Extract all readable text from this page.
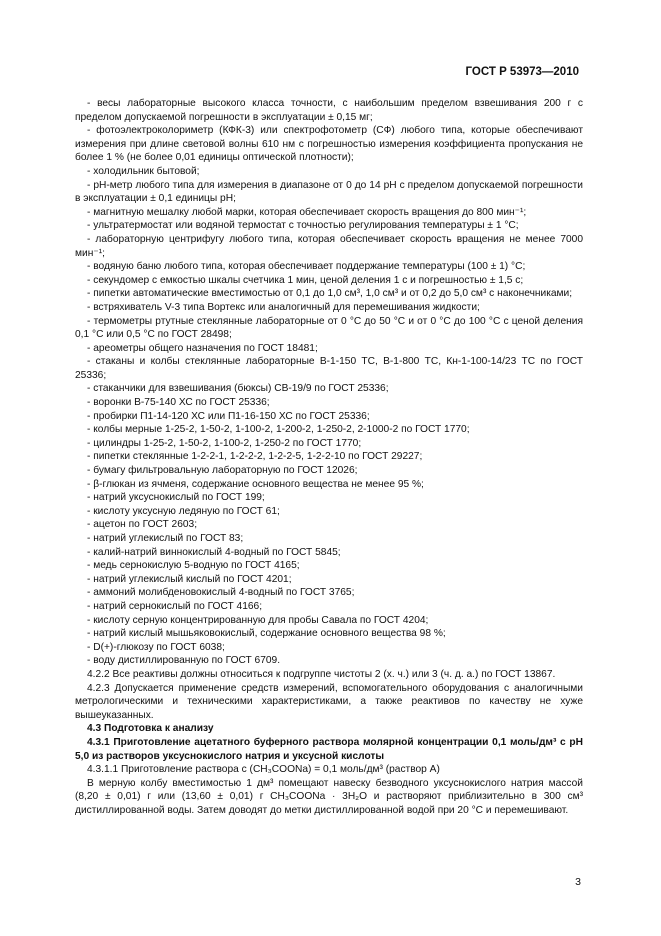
ГОСТ Р 53973—2010

- весы лабораторные высокого класса точности, с наибольшим пределом взвешивания 200 г с пределом допускаемой погрешности в эксплуатации ± 0,15 мг;

- фотоэлектроколориметр (КФК-3) или спектрофотометр (СФ) любого типа, которые обеспечивают измерения при длине световой волны 610 нм с погрешностью измерения коэффициента пропускания не более 1 % (не более 0,01 единицы оптической плотности);

- холодильник бытовой;

- рН-метр любого типа для измерения в диапазоне от 0 до 14 рН с пределом допускаемой погрешности в эксплуатации ± 0,1 единицы рН;

- магнитную мешалку любой марки, которая обеспечивает скорость вращения до 800 мин⁻¹;

- ультратермостат или водяной термостат с точностью регулирования температуры ± 1 °С;

- лабораторную центрифугу любого типа, которая обеспечивает скорость вращения не менее 7000 мин⁻¹;

- водяную баню любого типа, которая обеспечивает поддержание температуры (100 ± 1) °С;

- секундомер с емкостью шкалы счетчика 1 мин, ценой деления 1 с и погрешностью ± 1,5 с;

- пипетки автоматические вместимостью от 0,1 до 1,0 см³, 1,0 см³ и от 0,2 до 5,0 см³ с наконечниками;

- встряхиватель V-3 типа Вортекс или аналогичный для перемешивания жидкости;

- термометры ртутные стеклянные лабораторные от 0 °С до 50 °С и от 0 °С до 100 °С с ценой деления 0,1 °С или 0,5 °С по ГОСТ 28498;

- ареометры общего назначения по ГОСТ 18481;

- стаканы и колбы стеклянные лабораторные В-1-150 ТС, В-1-800 ТС, Кн-1-100-14/23 ТС по ГОСТ 25336;

- стаканчики для взвешивания (бюксы) СВ-19/9 по ГОСТ 25336;

- воронки В-75-140 ХС по ГОСТ 25336;

- пробирки П1-14-120 ХС или П1-16-150 ХС по ГОСТ 25336;

- колбы мерные 1-25-2, 1-50-2, 1-100-2, 1-200-2, 1-250-2, 2-1000-2 по ГОСТ 1770;

- цилиндры 1-25-2, 1-50-2, 1-100-2, 1-250-2 по ГОСТ 1770;

- пипетки стеклянные 1-2-2-1, 1-2-2-2, 1-2-2-5, 1-2-2-10 по ГОСТ 29227;

- бумагу фильтровальную лабораторную по ГОСТ 12026;

- β-глюкан из ячменя, содержание основного вещества не менее 95 %;

- натрий уксуснокислый по ГОСТ 199;

- кислоту уксусную ледяную по ГОСТ 61;

- ацетон по ГОСТ 2603;

- натрий углекислый по ГОСТ 83;

- калий-натрий виннокислый 4-водный по ГОСТ 5845;

- медь сернокислую 5-водную по ГОСТ 4165;

- натрий углекислый кислый по ГОСТ 4201;

- аммоний молибденовокислый 4-водный по ГОСТ 3765;

- натрий сернокислый по ГОСТ 4166;

- кислоту серную концентрированную для пробы Савала по ГОСТ 4204;

- натрий кислый мышьяковокислый, содержание основного вещества 98 %;

- D(+)-глюкозу по ГОСТ 6038;

- воду дистиллированную по ГОСТ 6709.

4.2.2 Все реактивы должны относиться к подгруппе чистоты 2 (х. ч.) или 3 (ч. д. а.) по ГОСТ 13867.

4.2.3 Допускается применение средств измерений, вспомогательного оборудования с аналогичными метрологическими и техническими характеристиками, а также реактивов по качеству не хуже вышеуказанных.

4.3 Подготовка к анализу

4.3.1 Приготовление ацетатного буферного раствора молярной концентрации 0,1 моль/дм³ с рН 5,0 из растворов уксуснокислого натрия и уксусной кислоты

4.3.1.1 Приготовление раствора с (CH₃COONa) = 0,1 моль/дм³ (раствор А)

В мерную колбу вместимостью 1 дм³ помещают навеску безводного уксуснокислого натрия массой (8,20 ± 0,01) г или (13,60 ± 0,01) г CH₃COONa · 3H₂O и растворяют приблизительно в 300 см³ дистиллированной воды. Затем доводят до метки дистиллированной водой при 20 °С и перемешивают.

3
